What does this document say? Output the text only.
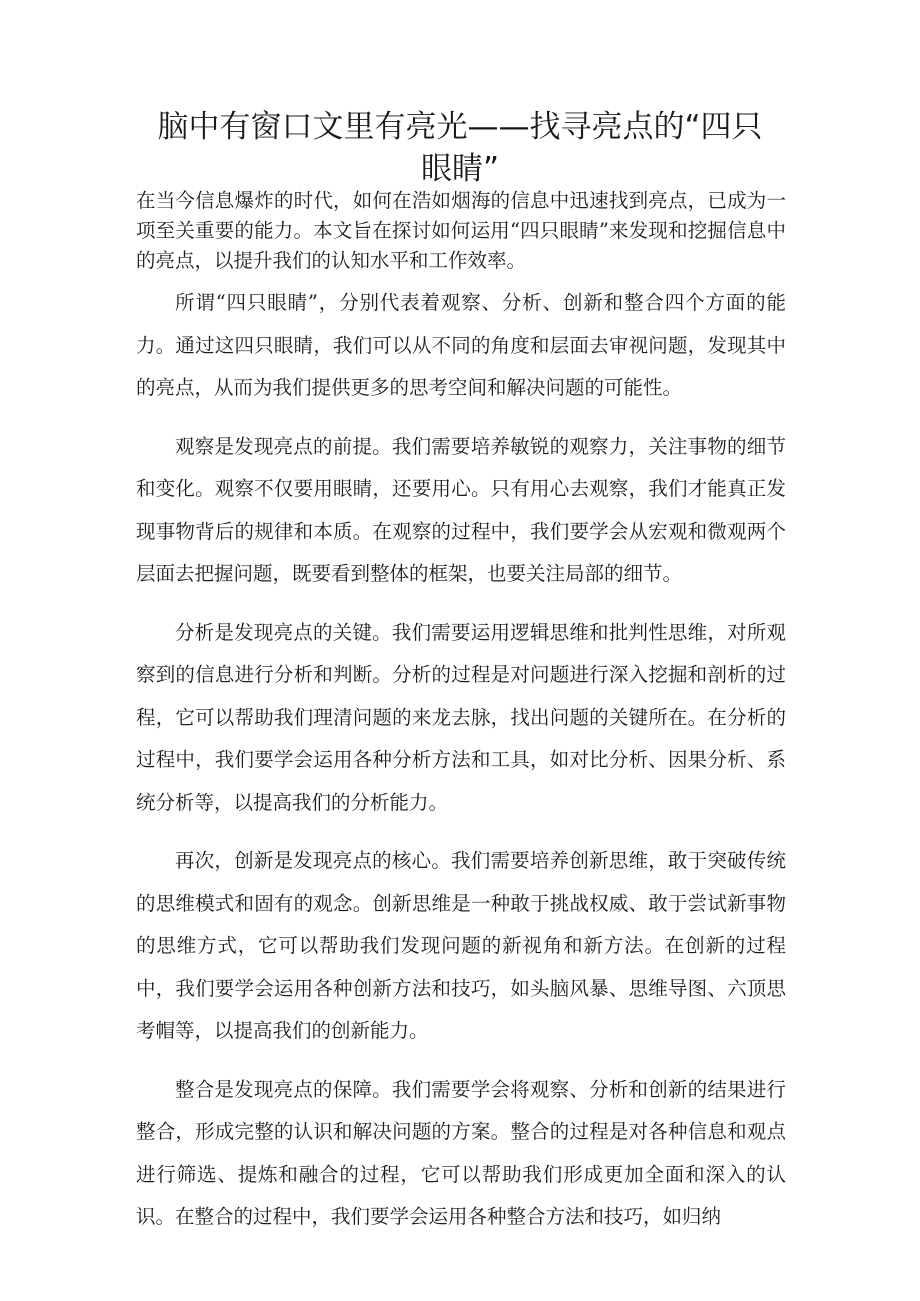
脑中有窗口文里有亮光——找寻亮点的“四只眼睛”

在当今信息爆炸的时代，如何在浩如烟海的信息中迅速找到亮点，已成为一项至关重要的能力。本文旨在探讨如何运用“四只眼睛”来发现和挖掘信息中的亮点，以提升我们的认知水平和工作效率。

所谓“四只眼睛”，分别代表着观察、分析、创新和整合四个方面的能力。通过这四只眼睛，我们可以从不同的角度和层面去审视问题，发现其中的亮点，从而为我们提供更多的思考空间和解决问题的可能性。

观察是发现亮点的前提。我们需要培养敏锐的观察力，关注事物的细节和变化。观察不仅要用眼睛，还要用心。只有用心去观察，我们才能真正发现事物背后的规律和本质。在观察的过程中，我们要学会从宏观和微观两个层面去把握问题，既要看到整体的框架，也要关注局部的细节。

分析是发现亮点的关键。我们需要运用逻辑思维和批判性思维，对所观察到的信息进行分析和判断。分析的过程是对问题进行深入挖掘和剖析的过程，它可以帮助我们理清问题的来龙去脉，找出问题的关键所在。在分析的过程中，我们要学会运用各种分析方法和工具，如对比分析、因果分析、系统分析等，以提高我们的分析能力。

再次，创新是发现亮点的核心。我们需要培养创新思维，敢于突破传统的思维模式和固有的观念。创新思维是一种敢于挑战权威、敢于尝试新事物的思维方式，它可以帮助我们发现问题的新视角和新方法。在创新的过程中，我们要学会运用各种创新方法和技巧，如头脑风暴、思维导图、六顶思考帽等，以提高我们的创新能力。

整合是发现亮点的保障。我们需要学会将观察、分析和创新的结果进行整合，形成完整的认识和解决问题的方案。整合的过程是对各种信息和观点进行筛选、提炼和融合的过程，它可以帮助我们形成更加全面和深入的认识。在整合的过程中，我们要学会运用各种整合方法和技巧，如归纳
